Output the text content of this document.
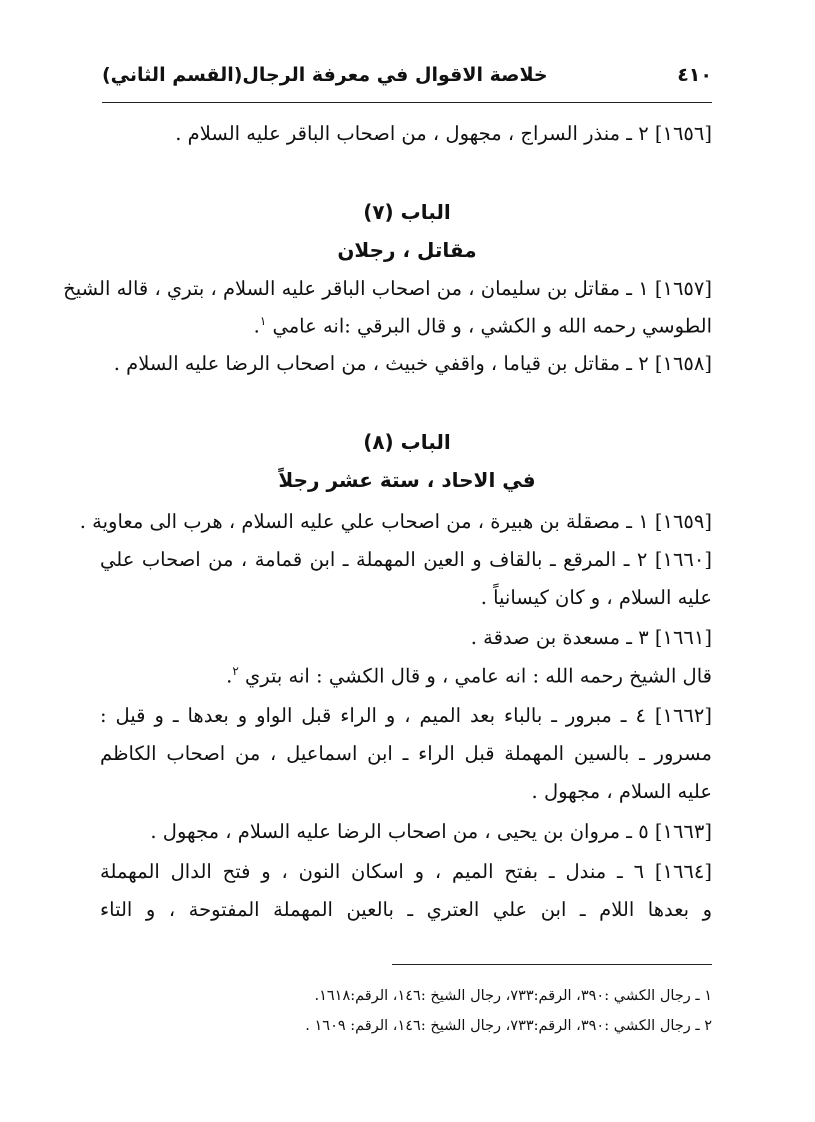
٤١٠
خلاصة الاقوال في معرفة الرجال(القسم الثاني)
[١٦٥٦] ٢ ـ منذر السراج ، مجهول ، من اصحاب الباقر عليه السلام .
الباب (٧)
مقاتل ، رجلان
[١٦٥٧] ١ ـ مقاتل بن سليمان ، من اصحاب الباقر عليه السلام ، بتري ، قاله الشيخ
الطوسي رحمه الله و الكشي ، و قال البرقي :انه عامي $^١$.
[١٦٥٨] ٢ ـ مقاتل بن قياما ، واقفي خبيث ، من اصحاب الرضا عليه السلام .
الباب (٨)
في الاحاد ، ستة عشر رجلاً
[١٦٥٩] ١ ـ مصقلة بن هبيرة ، من اصحاب علي عليه السلام ، هرب الى معاوية .
[١٦٦٠] ٢ ـ المرقع ـ بالقاف و العين المهملة ـ ابن قمامة ، من اصحاب علي
عليه السلام ، و كان كيسانياً .
[١٦٦١] ٣ ـ مسعدة بن صدقة .
قال الشيخ رحمه الله : انه عامي ، و قال الكشي : انه بتري $^٢$.
[١٦٦٢] ٤ ـ مبرور ـ بالباء بعد الميم ، و الراء قبل الواو و بعدها ـ و قيل :
مسرور ـ بالسين المهملة قبل الراء ـ ابن اسماعيل ، من اصحاب الكاظم
عليه السلام ، مجهول .
[١٦٦٣] ٥ ـ مروان بن يحيى ، من اصحاب الرضا عليه السلام ، مجهول .
[١٦٦٤] ٦ ـ مندل ـ بفتح الميم ، و اسكان النون ، و فتح الدال المهملة
و بعدها اللام ـ ابن علي العتري ـ بالعين المهملة المفتوحة ، و التاء
١ ـ رجال الكشي :٣٩٠، الرقم:٧٣٣، رجال الشيخ :١٤٦، الرقم:١٦١٨.
٢ ـ رجال الكشي :٣٩٠، الرقم:٧٣٣، رجال الشيخ :١٤٦، الرقم: ١٦٠٩ .
